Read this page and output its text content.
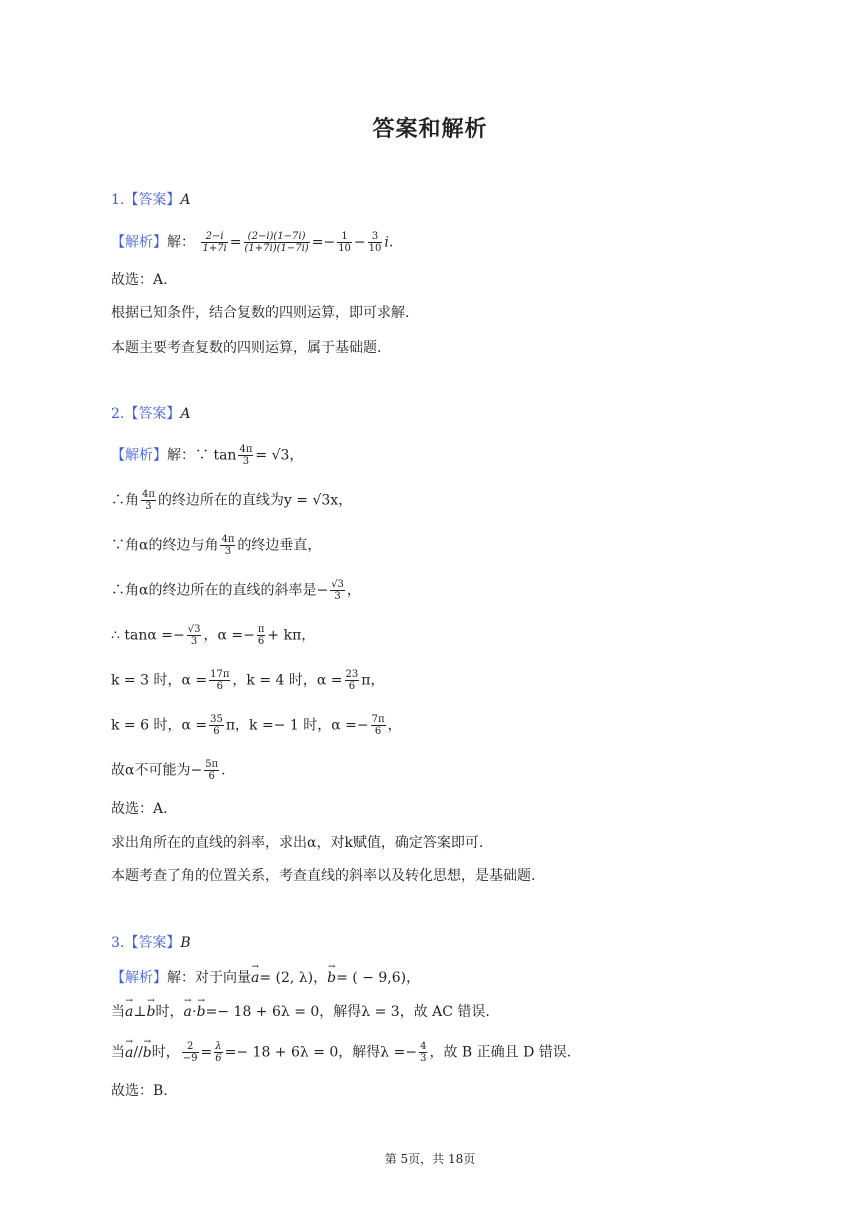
答案和解析
1.【答案】A
【解析】解： $\frac{2-i}{1+7i} = \frac{(2-i)(1-7i)}{(1+7i)(1-7i)} =- \frac{1}{10} - \frac{3}{10} i$.
故选：A.
根据已知条件，结合复数的四则运算，即可求解.
本题主要考查复数的四则运算，属于基础题.
2.【答案】A
【解析】解：∵ $\tan \frac{4\pi}{3} = √3$，
∴角 $\frac{4\pi}{3}$ 的终边所在的直线为y = √3x，
∵角α的终边与角 $\frac{4\pi}{3}$ 的终边垂直，
∴角α的终边所在的直线的斜率是− $\frac{√3}{3}$ ，
∴ $\tan\alpha =- \frac{√3}{3}$ ，$\alpha =- \frac{\pi}{6} + k\pi$，
k = 3 时，$\alpha = \frac{17\pi}{6}$ ，k = 4 时，$\alpha = \frac{23}{6}$ π，
k = 6 时，$\alpha = \frac{35}{6}$ π，k =− 1 时，$\alpha =- \frac{7\pi}{6}$ ，
故α不可能为− $\frac{5\pi}{6}$ .
故选：A.
求出角所在的直线的斜率，求出α，对k赋值，确定答案即可.
本题考查了角的位置关系，考查直线的斜率以及转化思想，是基础题.
3.【答案】B
【解析】解：对于向量→ a= (2, λ)，→ b= ( − 9,6)，
当→ a⊥→ b时，→ a⋅→ b=− 18 + 6λ = 0，解得λ = 3，故 AC 错误.
当→ a//→ b时， $\frac{2}{-9} = \frac{\lambda}{6} =- 18 + 6\lambda = 0$，解得$\lambda =- \frac{4}{3}$ ，故 B 正确且 D 错误.
故选：B.
第 5页，共 18页
